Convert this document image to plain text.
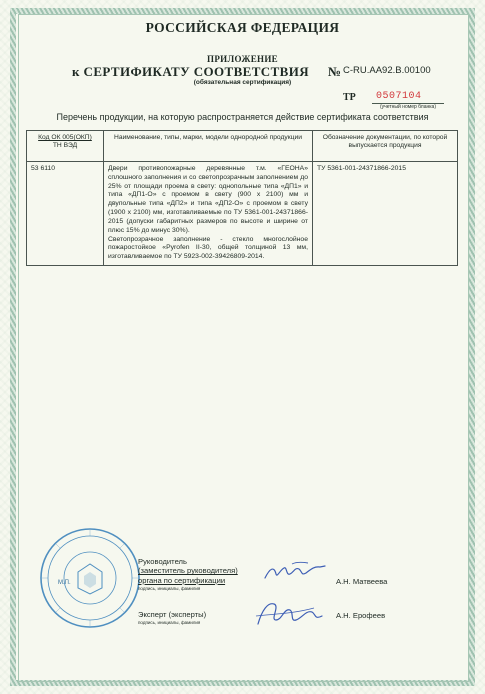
РОССИЙСКАЯ ФЕДЕРАЦИЯ
ПРИЛОЖЕНИЕ
к СЕРТИФИКАТУ СООТВЕТСТВИЯ № C-RU.AA92.B.00100
(обязательная сертификация)
ТР 0507104
(учетный номер бланка)
Перечень продукции, на которую распространяется действие сертификата соответствия
Код ОК 005(ОКП)
ТН ВЭД	Наименование, типы, марки, модели однородной продукции	Обозначение документации, по которой выпускается продукция
53 6110	Двери противопожарные деревянные т.м. «ГЕОНА» сплошного заполнения и со светопрозрачным заполнением до 25% от площади проема в свету: однопольные типа «ДП1» и типа «ДП1-О» с проемом в свету (900 х 2100) мм и двупольные типа «ДП2» и типа «ДП2-О» с проемом в свету (1900 х 2100) мм, изготавливаемые по ТУ 5361-001-24371866-2015 (допуски габаритных размеров по высоте и ширине от плюс 15% до минус 30%).

Светопрозрачное заполнение - стекло многослойное пожаростойкое «Pyrofen II-30, общей толщиной 13 мм, изготавливаемое по ТУ 5923-002-39426809-2014.	ТУ 5361-001-24371866-2015
М.П.
Руководитель
(заместитель руководителя)
органа по сертификации
подпись, инициалы, фамилия
А.Н. Матвеева
Эксперт (эксперты)
подпись, инициалы, фамилия
А.Н. Ерофеев
